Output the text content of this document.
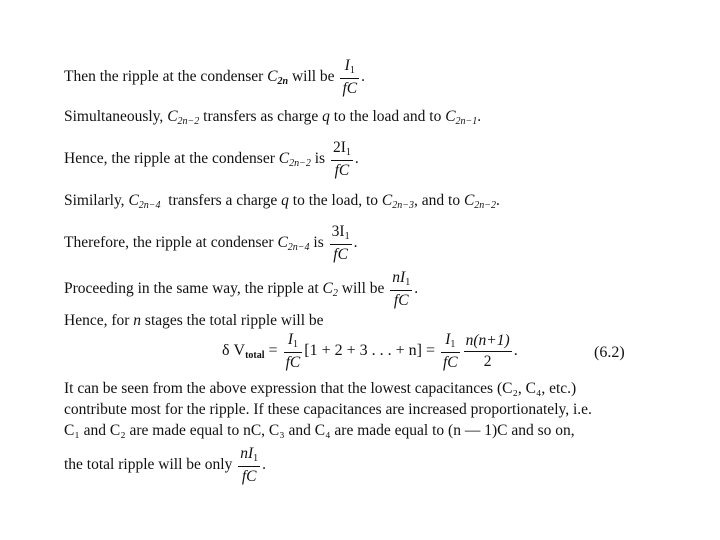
Then the ripple at the condenser $C_{2n}$ will be $\frac{I_1}{fC}$ .
Simultaneously, $C_{2n-2}$ transfers as charge q to the load and to $C_{2n-1}$.
Hence, the ripple at the condenser $C_{2n-2}$ is $\frac{2I_1}{fC}$ .
Similarly, $C_{2n-4}$  transfers a charge q to the load, to $C_{2n-3}$, and to $C_{2n-2}$.
Therefore, the ripple at condenser $C_{2n-4}$ is $\frac{3I_1}{fC}$ .
Proceeding in the same way, the ripple at $C_2$ will be $\frac{nI_1}{fC}$ .
Hence, for n stages the total ripple will be
δ $V_{total} = \frac{I_1}{fC} [1 + 2 + 3$ . . . + $n] = \frac{I_1}{fC} \frac{n(n+1)}{2}$ .	(6.2)
It can be seen from the above expression that the lowest capacitances (C₂, C₄, etc.)
contribute most for the ripple. If these capacitances are increased proportionately, i.e.
C₁ and C₂ are made equal to nC, C₃ and C₄ are made equal to (n — 1)C and so on,
the total ripple will be only $\frac{nI_1}{fC}$ .
